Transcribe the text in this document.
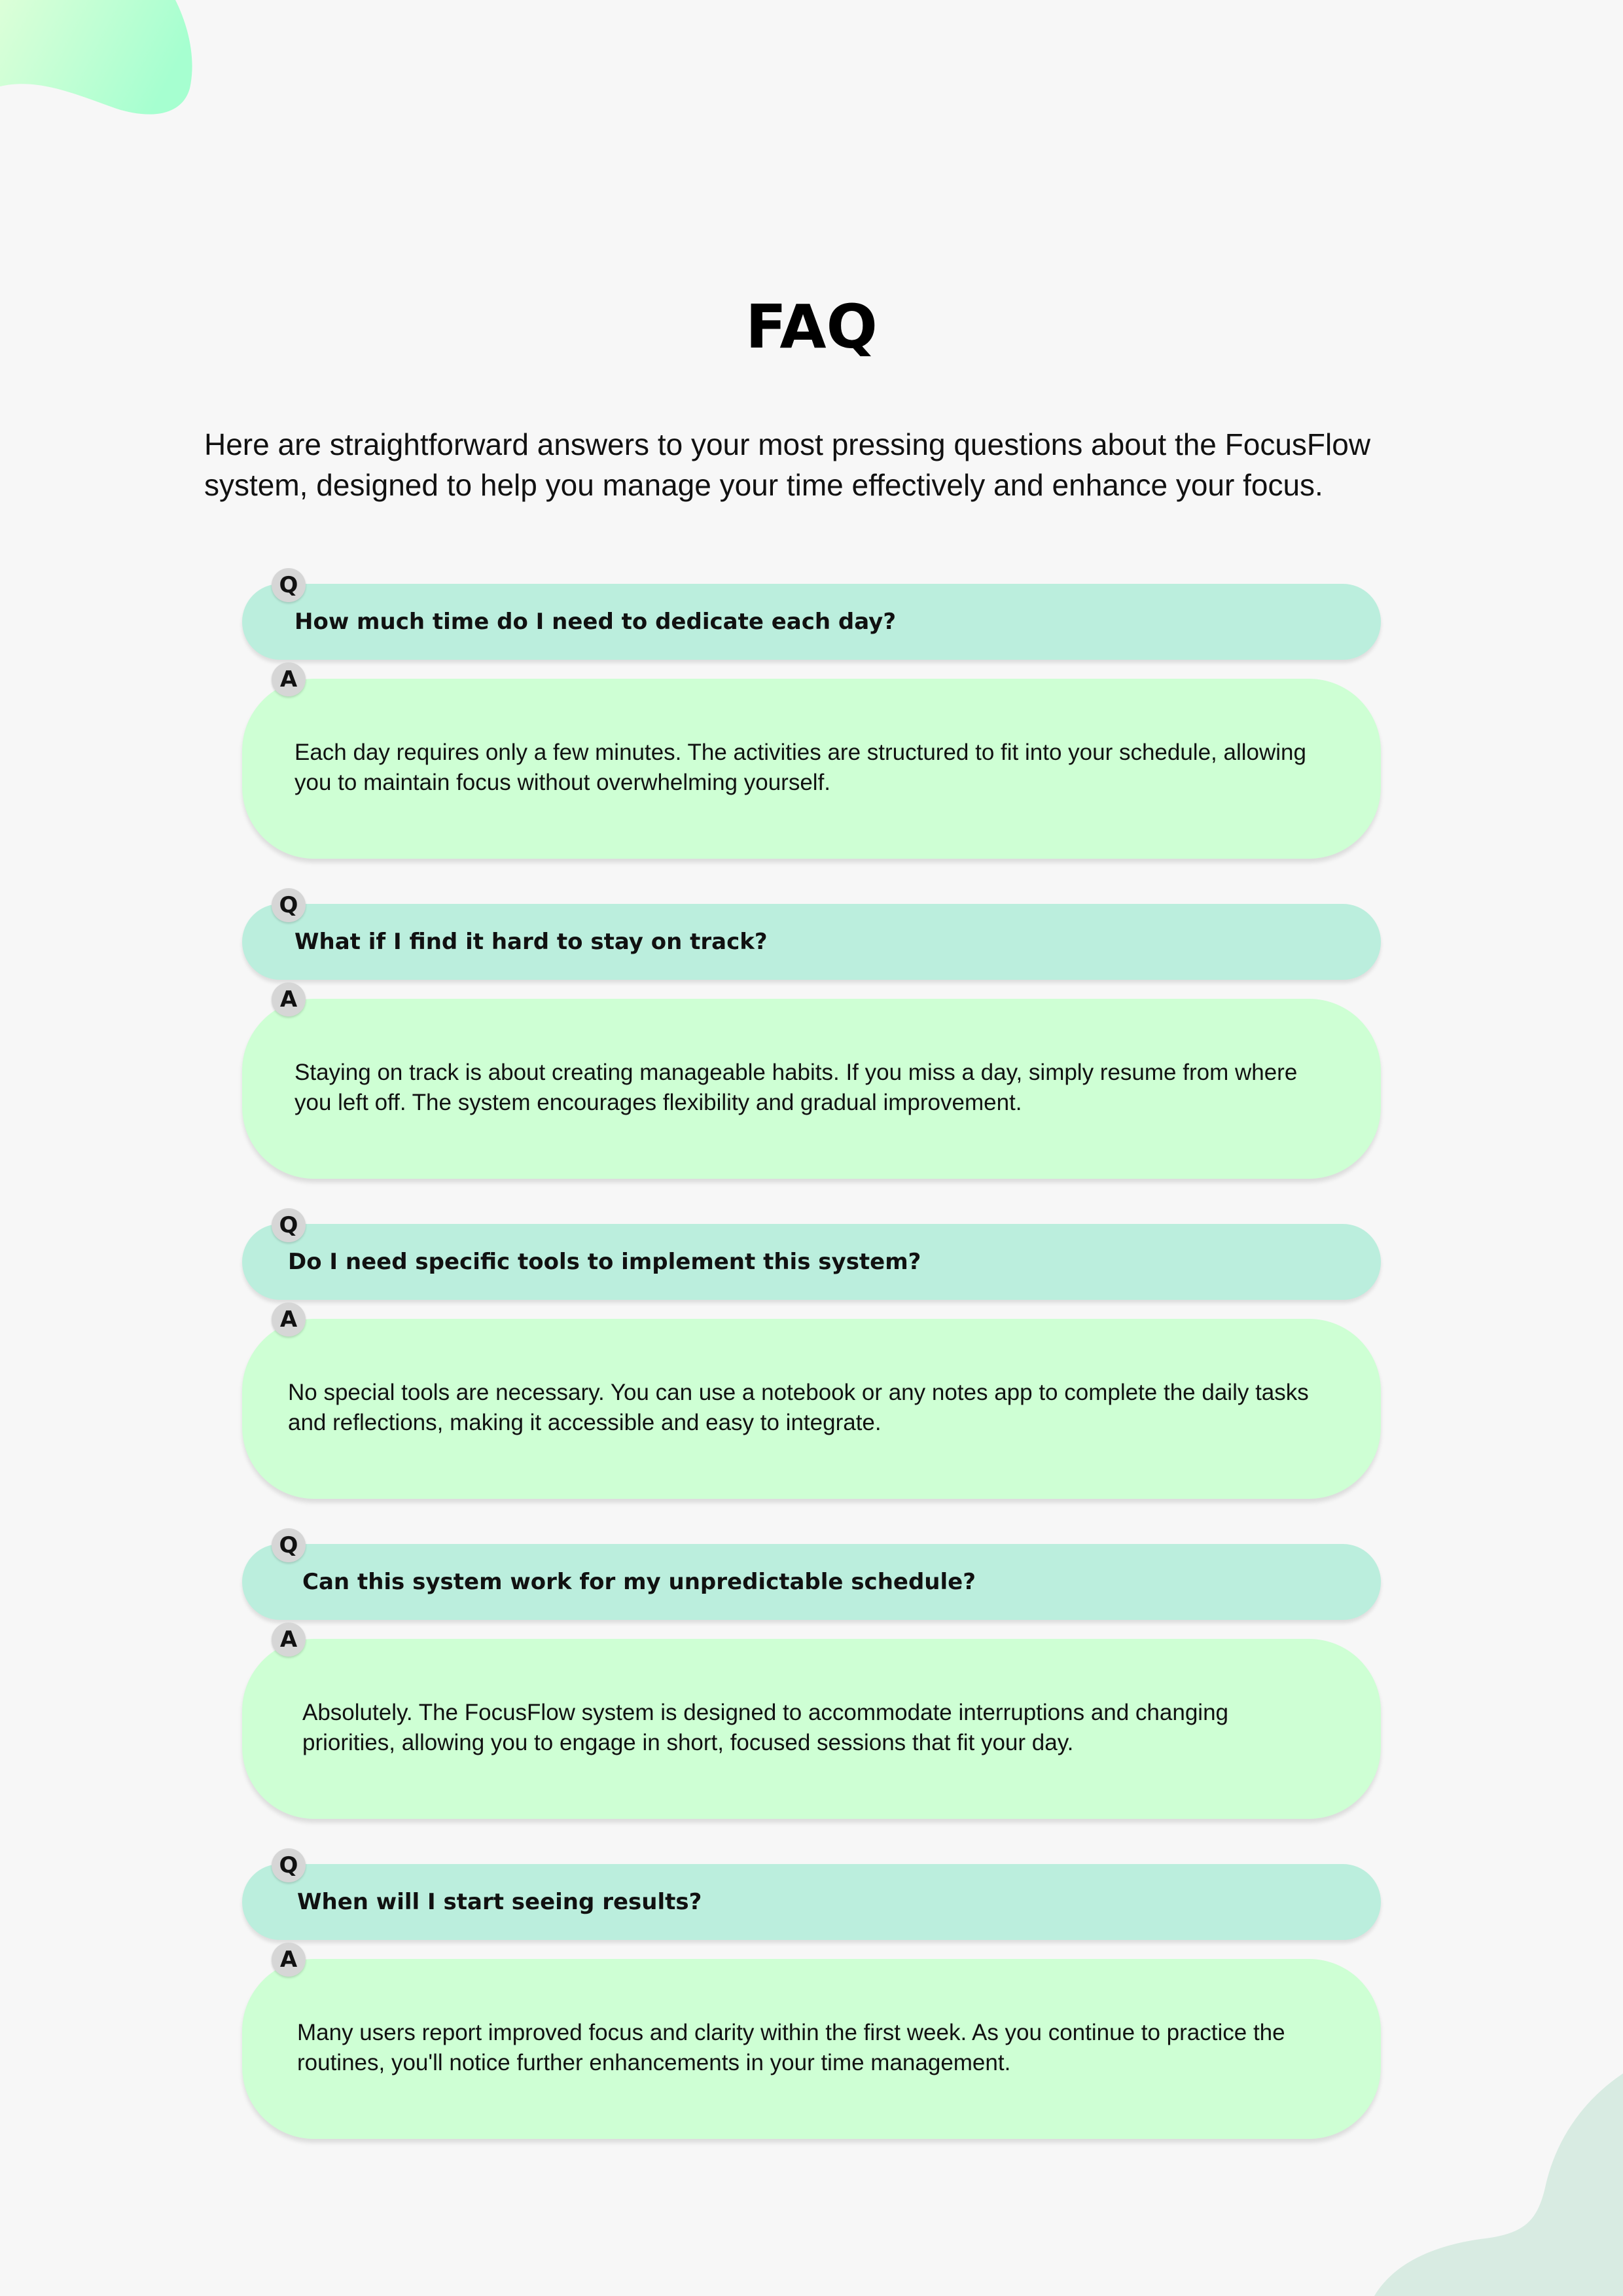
FAQ

Here are straightforward answers to your most pressing questions about the FocusFlow system, designed to help you manage your time effectively and enhance your focus.

Q
How much time do I need to dedicate each day?
A

Each day requires only a few minutes. The activities are structured to fit into your schedule, allowing you to maintain focus without overwhelming yourself.

Q
What if I find it hard to stay on track?
A

Staying on track is about creating manageable habits. If you miss a day, simply resume from where you left off. The system encourages flexibility and gradual improvement.

Q
Do I need specific tools to implement this system?
A

No special tools are necessary. You can use a notebook or any notes app to complete the daily tasks and reflections, making it accessible and easy to integrate.

Q
Can this system work for my unpredictable schedule?
A

Absolutely. The FocusFlow system is designed to accommodate interruptions and changing priorities, allowing you to engage in short, focused sessions that fit your day.

Q
When will I start seeing results?
A

Many users report improved focus and clarity within the first week. As you continue to practice the routines, you'll notice further enhancements in your time management.
